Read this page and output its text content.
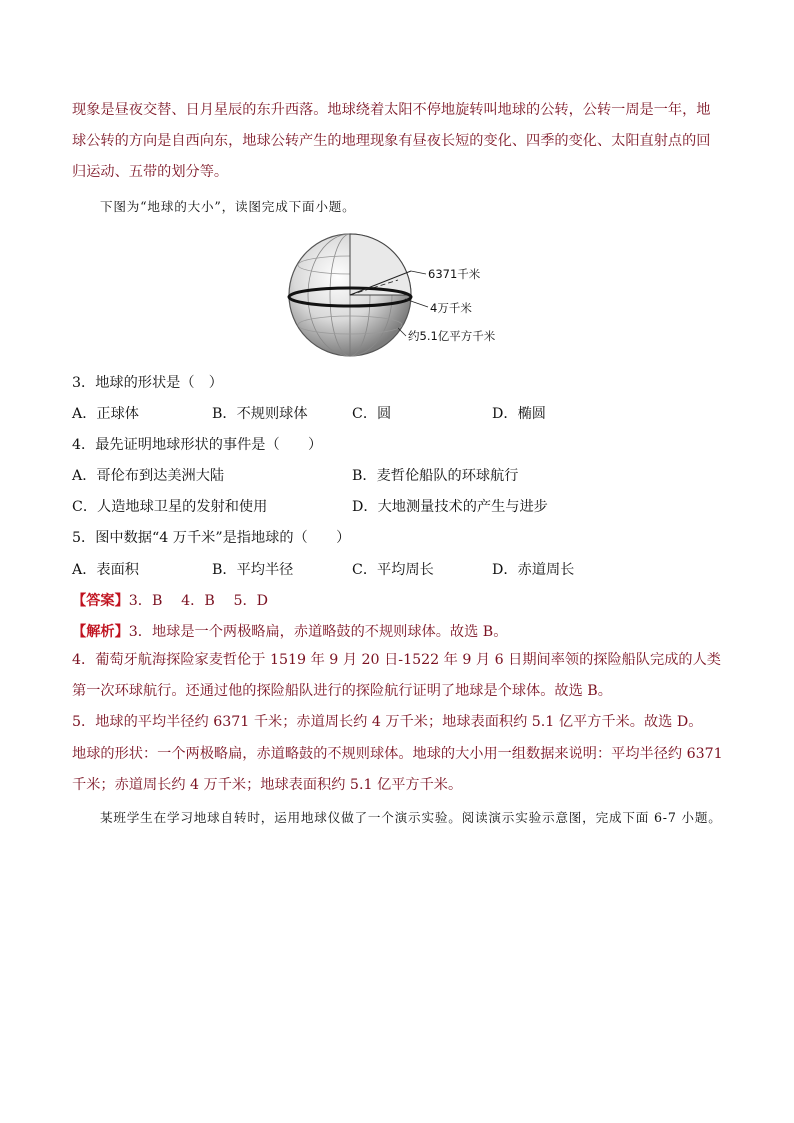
现象是昼夜交替、日月星辰的东升西落。地球绕着太阳不停地旋转叫地球的公转，公转一周是一年，地球公转的方向是自西向东，地球公转产生的地理现象有昼夜长短的变化、四季的变化、太阳直射点的回归运动、五带的划分等。
下图为“地球的大小”，读图完成下面小题。
6371千米
4万千米
约5.1亿平方千米
3．地球的形状是（　）
A．正球体	B．不规则球体	C．圆	D．椭圆
4．最先证明地球形状的事件是（　　）
A．哥伦布到达美洲大陆	B．麦哲伦船队的环球航行
C．人造地球卫星的发射和使用	D．大地测量技术的产生与进步
5．图中数据“4 万千米”是指地球的（　　）
A．表面积	B．平均半径	C．平均周长	D．赤道周长
【答案】3．B　 4．B　 5．D
【解析】3．地球是一个两极略扁，赤道略鼓的不规则球体。故选 B。
4．葡萄牙航海探险家麦哲伦于 1519 年 9 月 20 日-1522 年 9 月 6 日期间率领的探险船队完成的人类第一次环球航行。还通过他的探险船队进行的探险航行证明了地球是个球体。故选 B。
5．地球的平均半径约 6371 千米；赤道周长约 4 万千米；地球表面积约 5.1 亿平方千米。故选 D。
地球的形状：一个两极略扁，赤道略鼓的不规则球体。地球的大小用一组数据来说明：平均半径约 6371 千米；赤道周长约 4 万千米；地球表面积约 5.1 亿平方千米。
某班学生在学习地球自转时，运用地球仪做了一个演示实验。阅读演示实验示意图，完成下面 6-7 小题。
